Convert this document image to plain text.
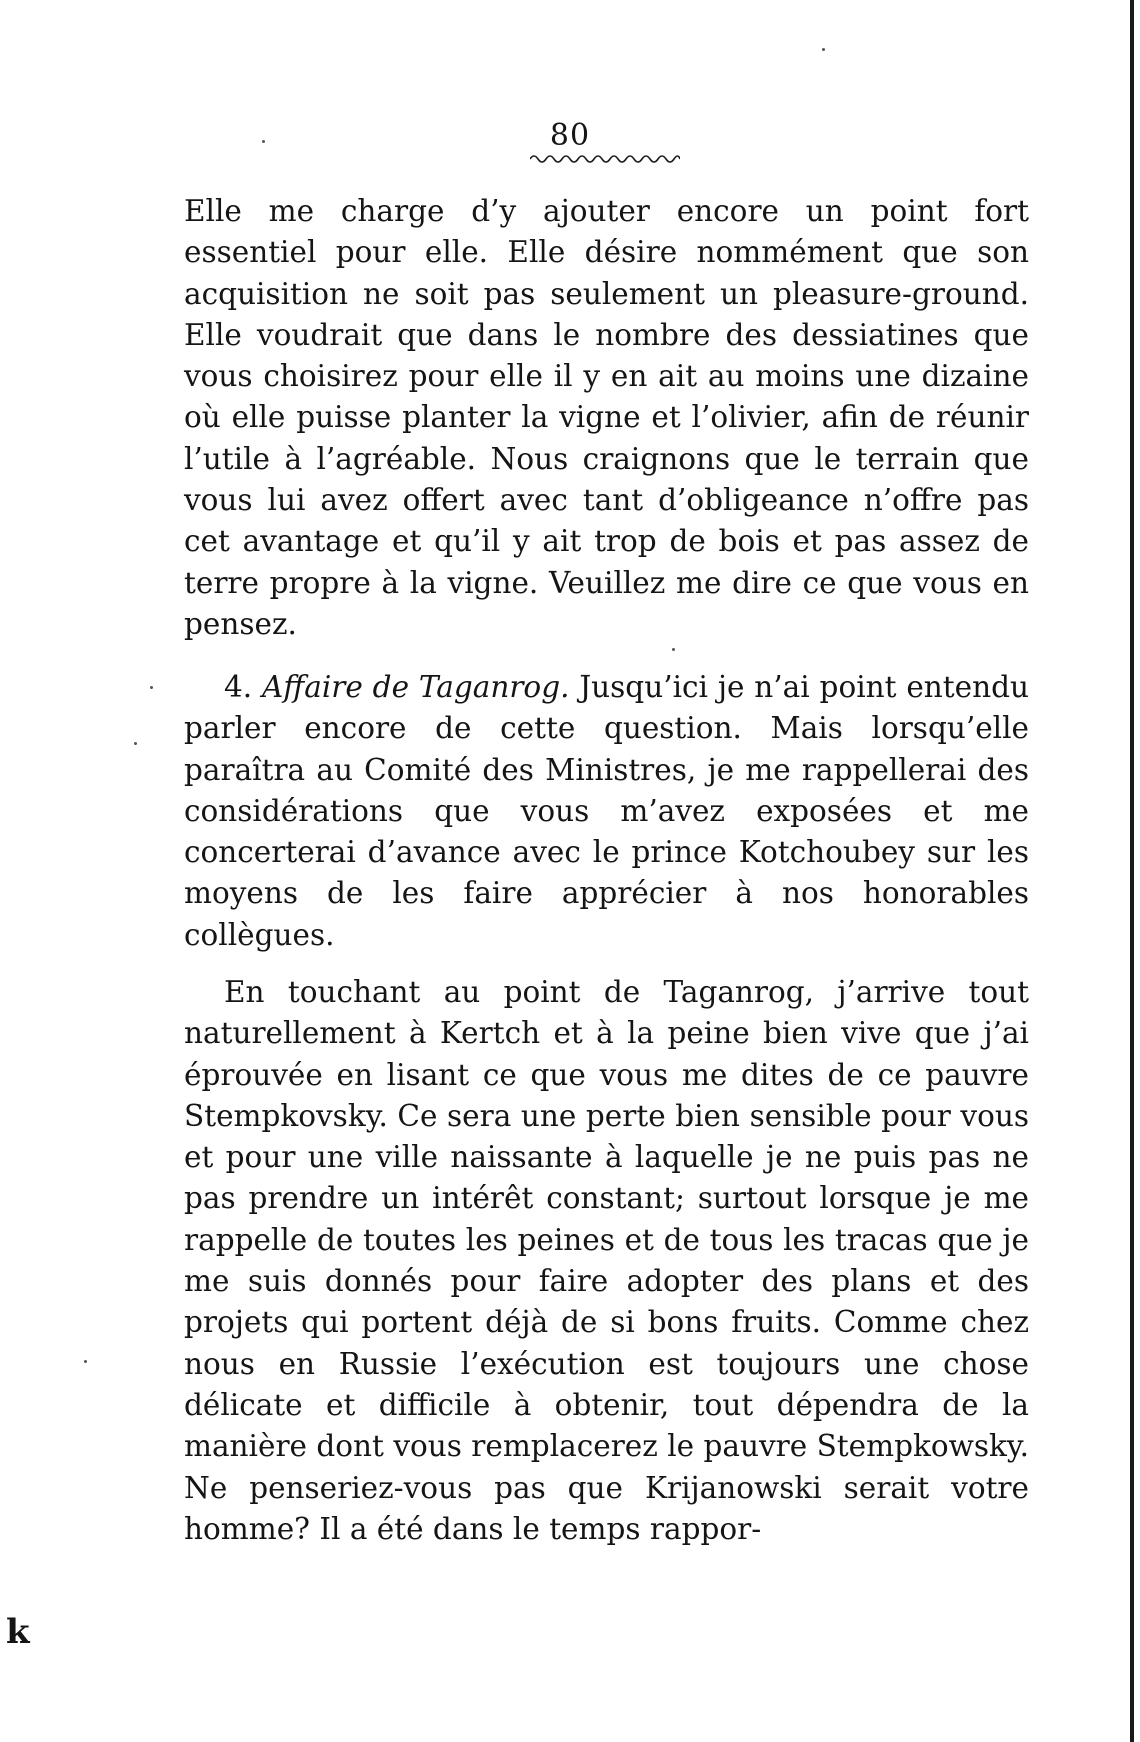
80

Elle me charge d’y ajouter encore un point fort essentiel pour elle. Elle désire nommément que son acquisition ne soit pas seulement un pleasure-ground. Elle voudrait que dans le nombre des dessiatines que vous choisirez pour elle il y en ait au moins une dizaine où elle puisse planter la vigne et l’olivier, afin de réunir l’utile à l’agréable. Nous craignons que le terrain que vous lui avez offert avec tant d’obligeance n’offre pas cet avantage et qu’il y ait trop de bois et pas assez de terre propre à la vigne. Veuillez me dire ce que vous en pensez.

4. Affaire de Taganrog. Jusqu’ici je n’ai point entendu parler encore de cette question. Mais lorsqu’elle paraîtra au Comité des Ministres, je me rappellerai des considérations que vous m’avez exposées et me concerterai d’avance avec le prince Kotchoubey sur les moyens de les faire apprécier à nos honorables collègues.

En touchant au point de Taganrog, j’arrive tout naturellement à Kertch et à la peine bien vive que j’ai éprouvée en lisant ce que vous me dites de ce pauvre Stempkovsky. Ce sera une perte bien sensible pour vous et pour une ville naissante à laquelle je ne puis pas ne pas prendre un intérêt constant; surtout lorsque je me rappelle de toutes les peines et de tous les tracas que je me suis donnés pour faire adopter des plans et des projets qui portent déjà de si bons fruits. Comme chez nous en Russie l’exécution est toujours une chose délicate et difficile à obtenir, tout dépendra de la manière dont vous remplacerez le pauvre Stempkowsky. Ne penseriez-vous pas que Krijanowski serait votre homme? Il a été dans le temps rappor-

k
